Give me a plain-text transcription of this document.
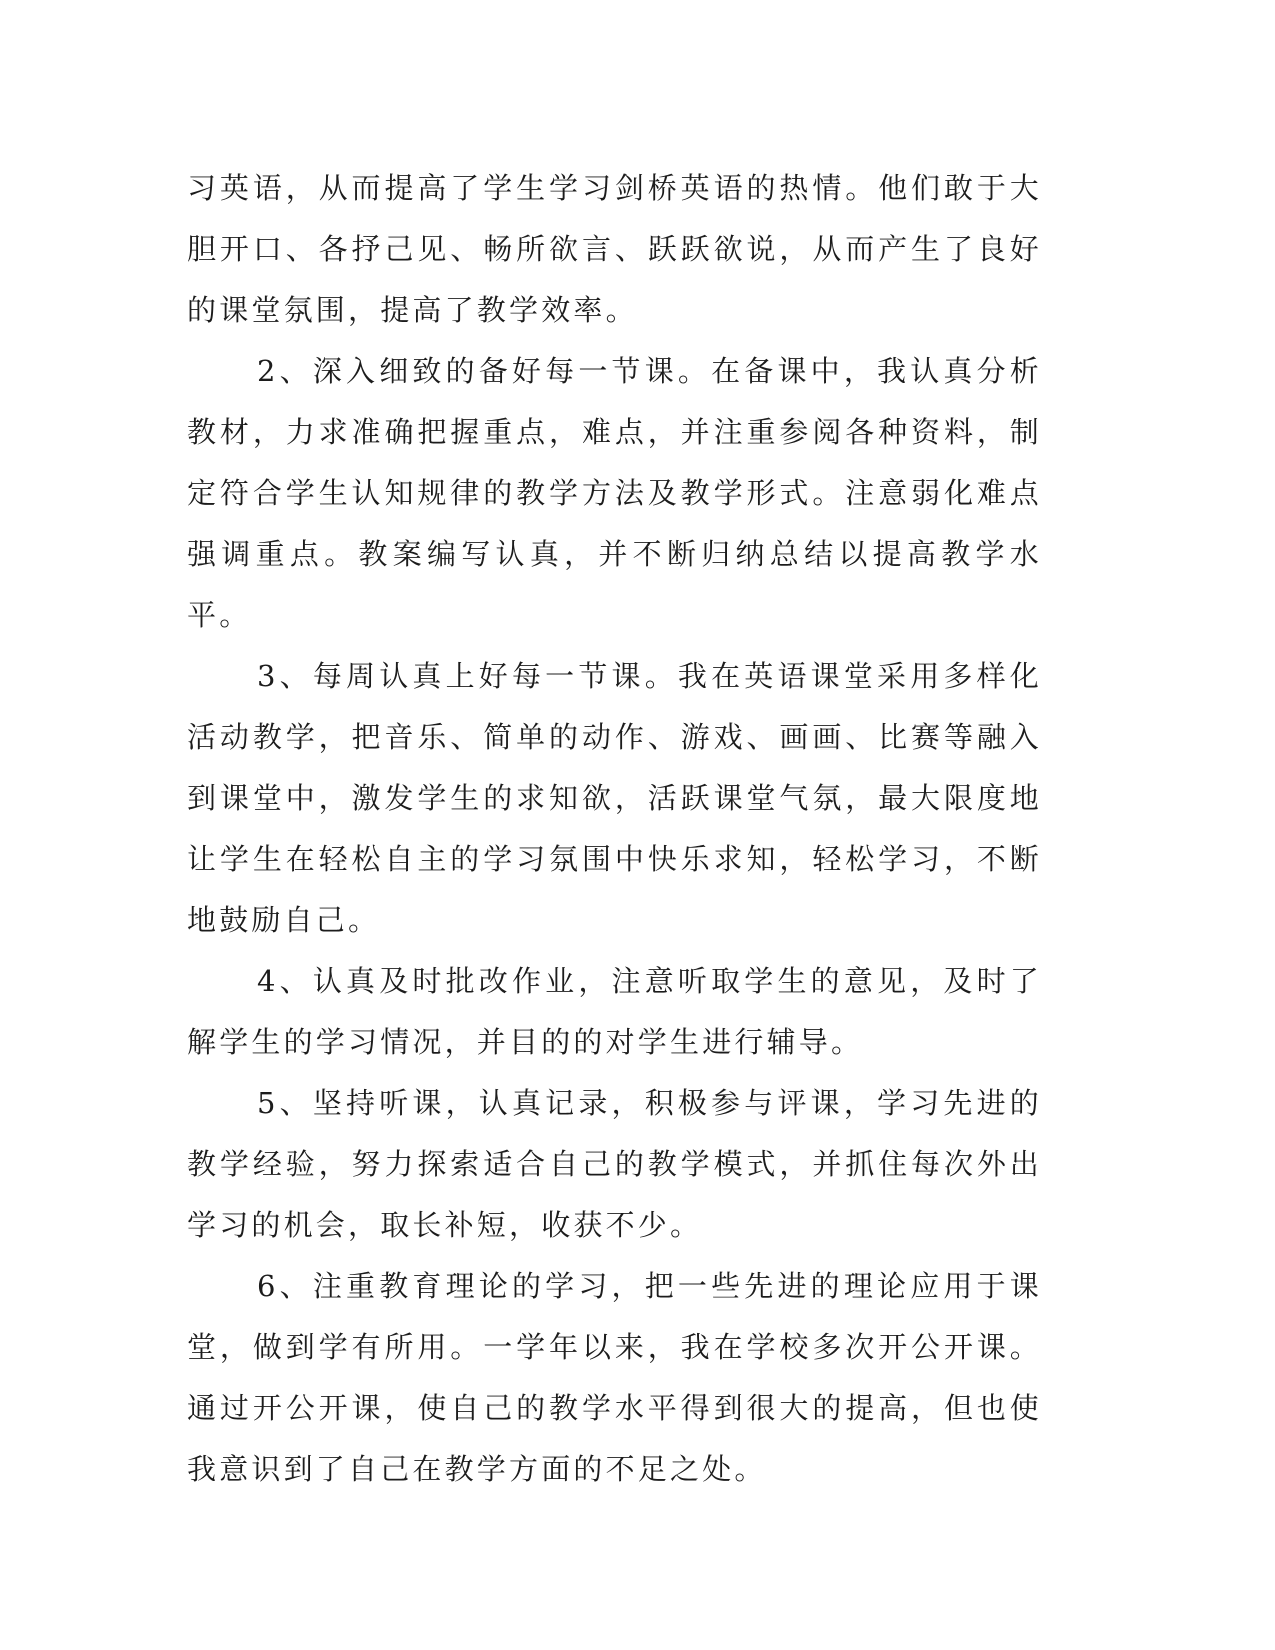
习英语，从而提高了学生学习剑桥英语的热情。他们敢于大胆开口、各抒己见、畅所欲言、跃跃欲说，从而产生了良好的课堂氛围，提高了教学效率。

2、深入细致的备好每一节课。在备课中，我认真分析教材，力求准确把握重点，难点，并注重参阅各种资料，制定符合学生认知规律的教学方法及教学形式。注意弱化难点强调重点。教案编写认真，并不断归纳总结以提高教学水平。

3、每周认真上好每一节课。我在英语课堂采用多样化活动教学，把音乐、简单的动作、游戏、画画、比赛等融入到课堂中，激发学生的求知欲，活跃课堂气氛，最大限度地让学生在轻松自主的学习氛围中快乐求知，轻松学习，不断地鼓励自己。

4、认真及时批改作业，注意听取学生的意见，及时了解学生的学习情况，并目的的对学生进行辅导。

5、坚持听课，认真记录，积极参与评课，学习先进的教学经验，努力探索适合自己的教学模式，并抓住每次外出学习的机会，取长补短，收获不少。

6、注重教育理论的学习，把一些先进的理论应用于课堂，做到学有所用。一学年以来，我在学校多次开公开课。通过开公开课，使自己的教学水平得到很大的提高，但也使我意识到了自己在教学方面的不足之处。
